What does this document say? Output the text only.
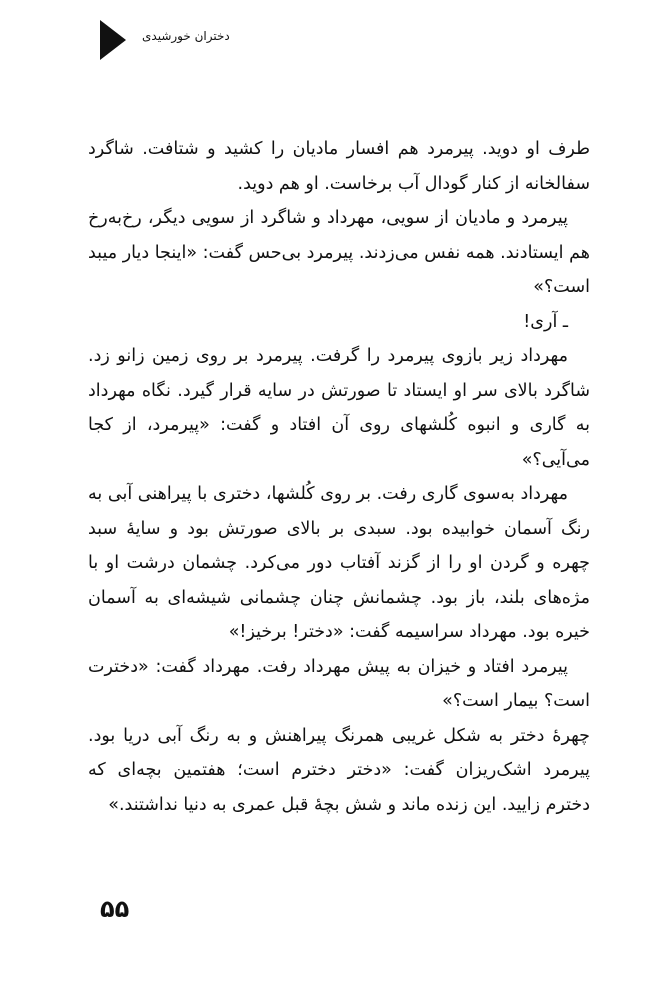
دختران خورشیدی

طرف او دوید. پیرمرد هم افسار مادیان را کشید و شتافت. شاگرد سفالخانه از کنار گودال آب برخاست. او هم دوید.

پیرمرد و مادیان از سویی، مهرداد و شاگرد از سویی دیگر، رخ‌به‌رخ هم ایستادند. همه نفس می‌زدند. پیرمرد بی‌حس گفت: «اینجا دیار میبد است؟»

ـ آری!

مهرداد زیر بازوی پیرمرد را گرفت. پیرمرد بر روی زمین زانو زد. شاگرد بالای سر او ایستاد تا صورتش در سایه قرار گیرد. نگاه مهرداد به گاری و انبوه کُلشهای روی آن افتاد و گفت: «پیرمرد، از کجا می‌آیی؟»

مهرداد به‌سوی گاری رفت. بر روی کُلشها، دختری با پیراهنی آبی به رنگ آسمان خوابیده بود. سبدی بر بالای صورتش بود و سایهٔ سبد چهره و گردن او را از گزند آفتاب دور می‌کرد. چشمان درشت او با مژه‌های بلند، باز بود. چشمانش چنان چشمانی شیشه‌ای به آسمان خیره بود. مهرداد سراسیمه گفت: «دختر! برخیز!»

پیرمرد افتاد و خیزان به پیش مهرداد رفت. مهرداد گفت: «دخترت است؟ بیمار است؟»

چهرهٔ دختر به شکل غریبی همرنگ پیراهنش و به رنگ آبی دریا بود. پیرمرد اشک‌ریزان گفت: «دختر دخترم است؛ هفتمین بچه‌ای که دخترم زایید. این زنده ماند و شش بچهٔ قبل عمری به دنیا نداشتند.»

۵۵
